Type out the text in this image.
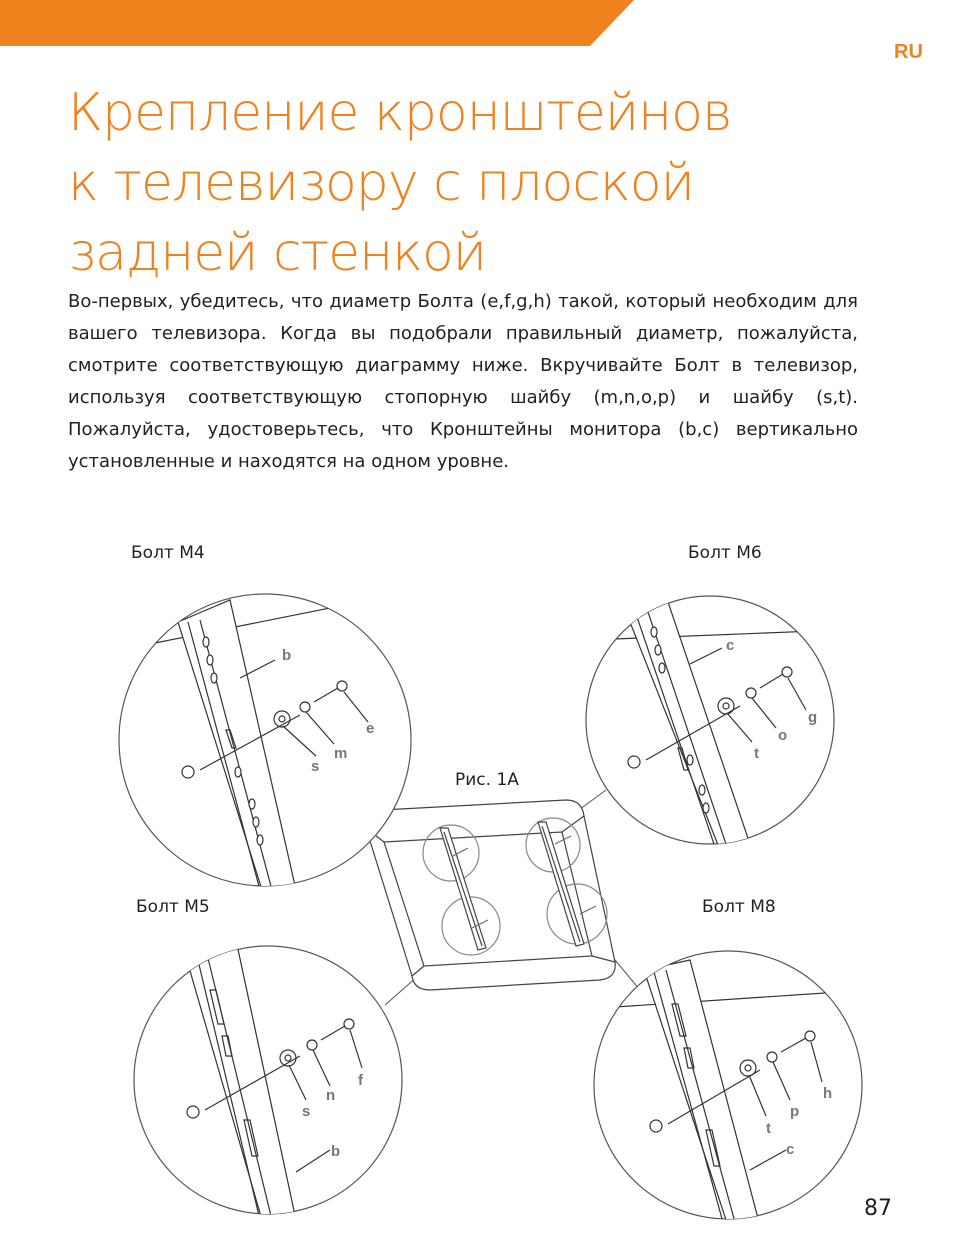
RU
Крепление кронштейнов
к телевизору с плоской
задней стенкой

Во-первых, убедитесь, что диаметр Болта (e,f,g,h) такой, который необходим для вашего телевизора. Когда вы подобрали правильный диаметр, пожалуйста, смотрите соответствующую диаграмму ниже. Вкручивайте Болт в телевизор, используя соответствующую стопорную шайбу (m,n,o,p) и шайбу (s,t). Пожалуйста, удостоверьтесь, что Кронштейны монитора (b,c) вертикально установленные и находятся на одном уровне.

Болт M4	Болт M6
Рис. 1A
Болт M5	Болт M8
b
e
m
s
c
g
o
t
f
n
s
b
h
p
t
c
87
